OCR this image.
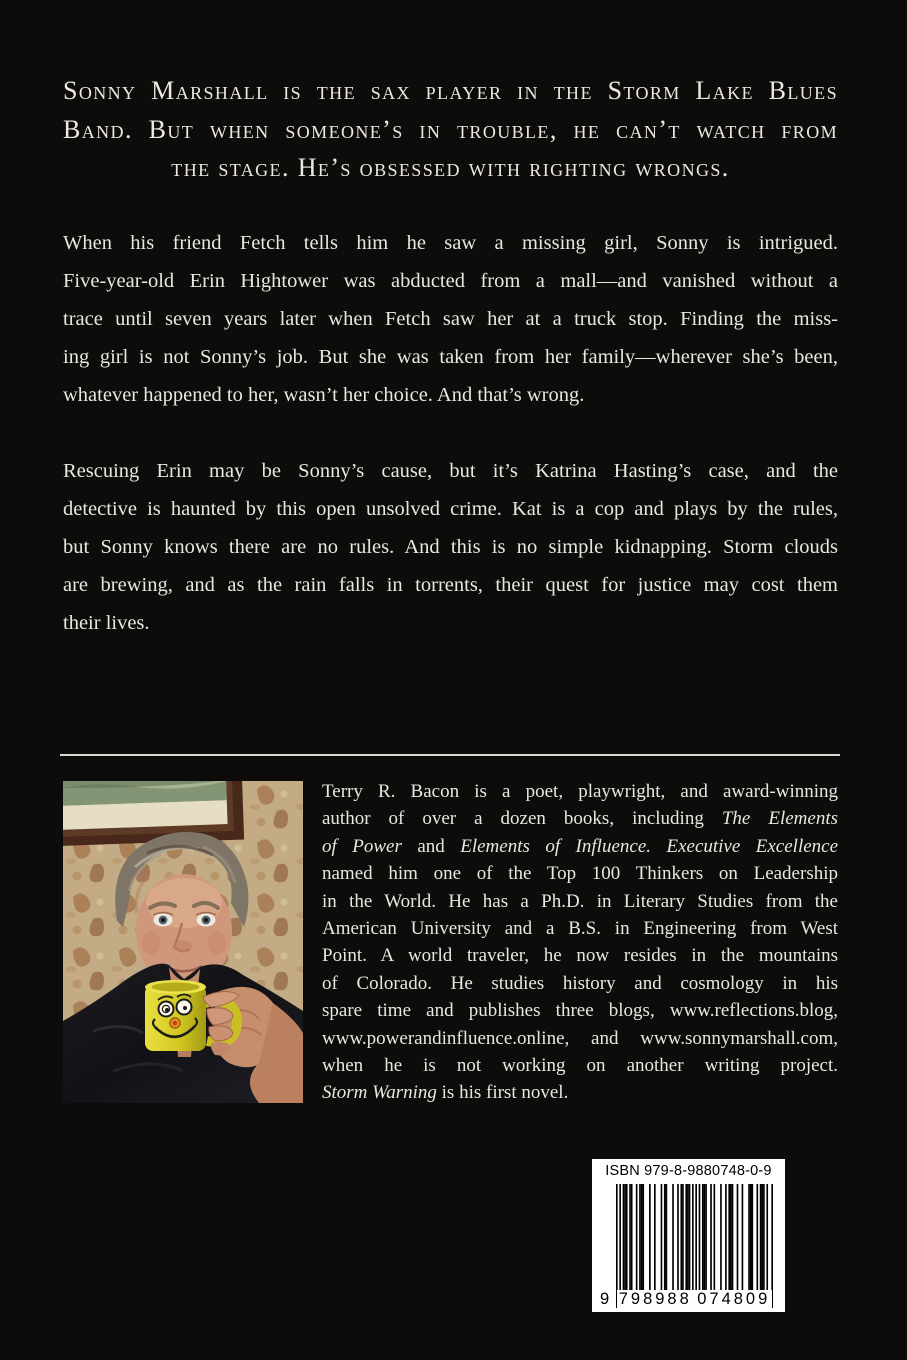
Sonny Marshall is the sax player in the Storm Lake Blues
Band. But when someone’s in trouble, he can’t watch from
the stage. He’s obsessed with righting wrongs.
When his friend Fetch tells him he saw a missing girl, Sonny is intrigued.
Five-year-old Erin Hightower was abducted from a mall—and vanished without a
trace until seven years later when Fetch saw her at a truck stop. Finding the miss-
ing girl is not Sonny’s job. But she was taken from her family—wherever she’s been,
whatever happened to her, wasn’t her choice. And that’s wrong.
Rescuing Erin may be Sonny’s cause, but it’s Katrina Hasting’s case, and the
detective is haunted by this open unsolved crime. Kat is a cop and plays by the rules,
but Sonny knows there are no rules. And this is no simple kidnapping. Storm clouds
are brewing, and as the rain falls in torrents, their quest for justice may cost them
their lives.
Terry R. Bacon is a poet, playwright, and award-winning
author of over a dozen books, including The Elements
of Power and Elements of Influence. Executive Excellence
named him one of the Top 100 Thinkers on Leadership
in the World. He has a Ph.D. in Literary Studies from the
American University and a B.S. in Engineering from West
Point. A world traveler, he now resides in the mountains
of Colorado. He studies history and cosmology in his
spare time and publishes three blogs, www.reflections.blog,
www.powerandinfluence.online, and www.sonnymarshall.com,
when he is not working on another writing project.
Storm Warning is his first novel.
ISBN 979-8-9880748-0-9
9 798988 074809
